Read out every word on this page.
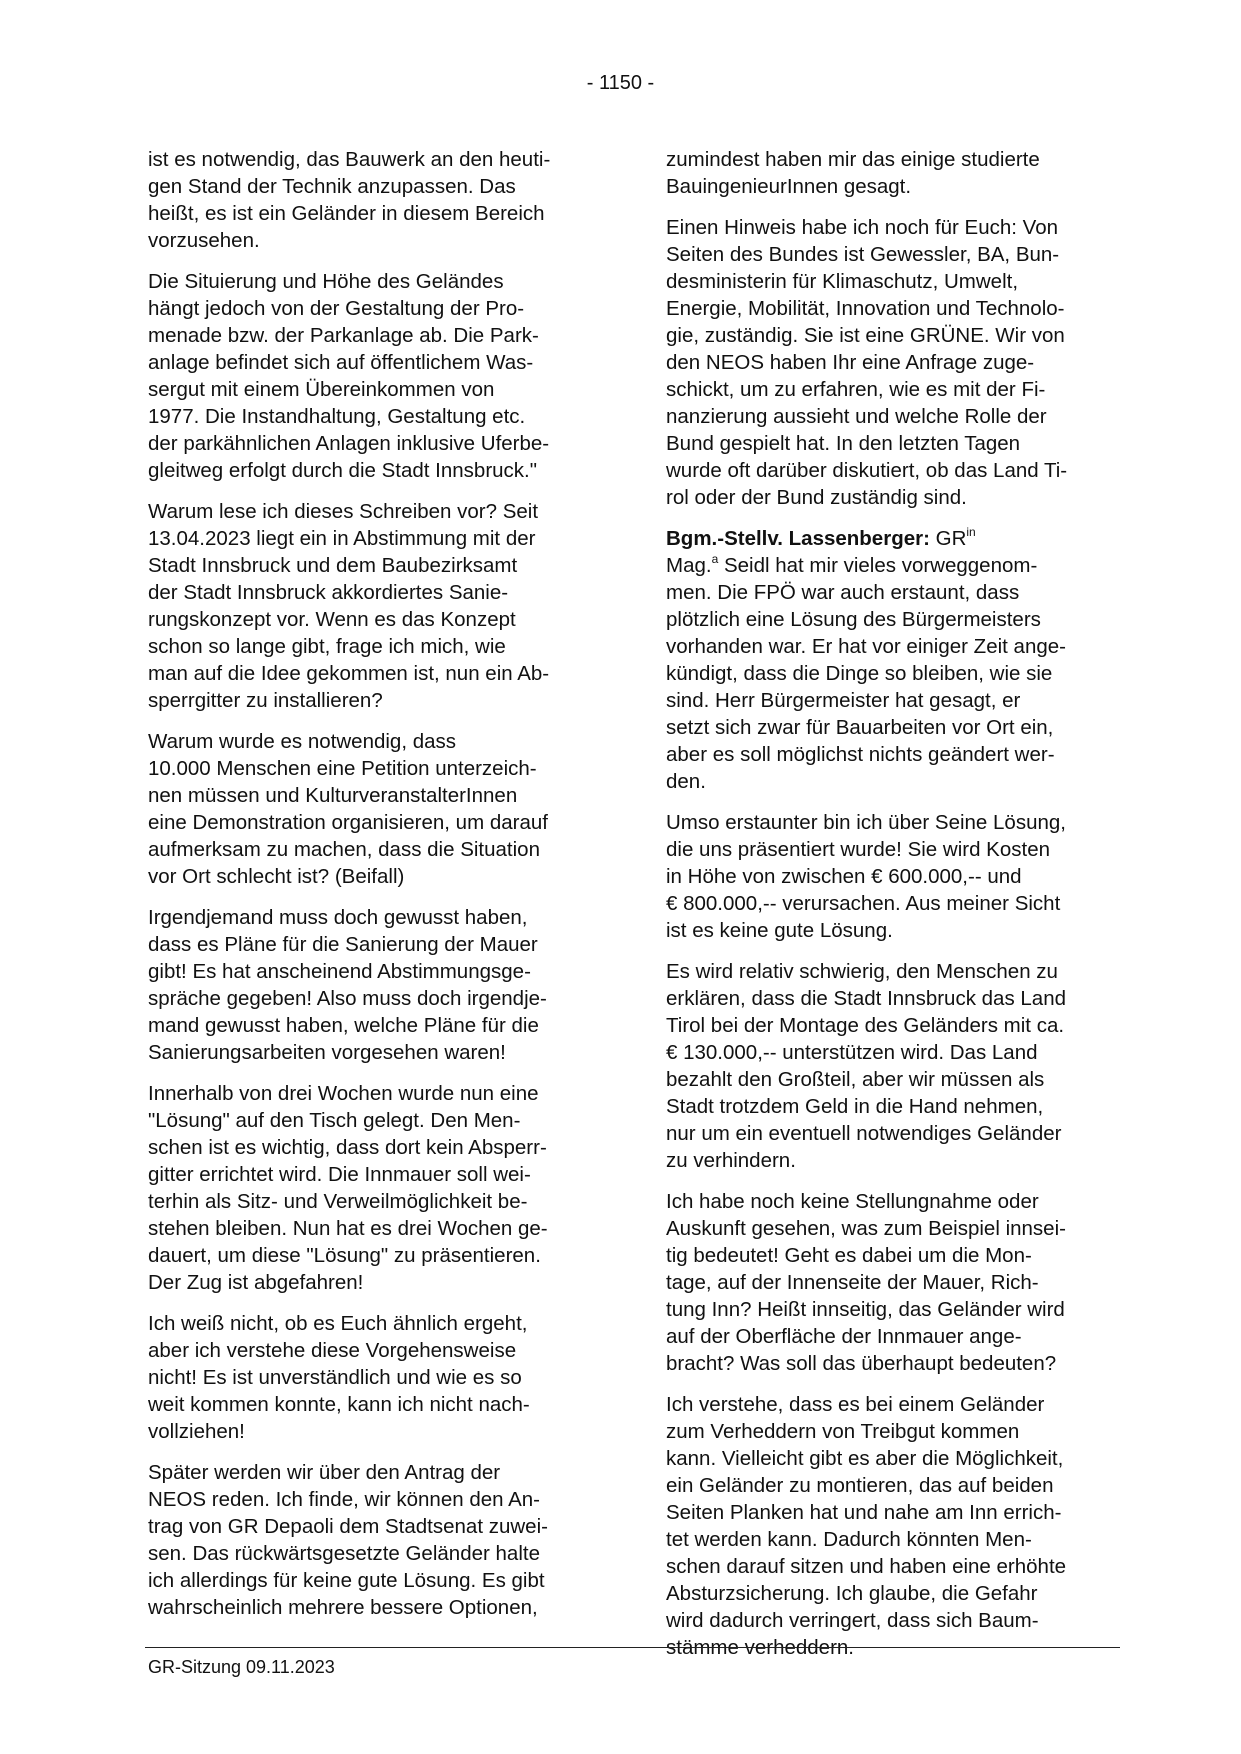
- 1150 -

ist es notwendig, das Bauwerk an den heuti-
gen Stand der Technik anzupassen. Das
heißt, es ist ein Geländer in diesem Bereich
vorzusehen.

Die Situierung und Höhe des Geländes
hängt jedoch von der Gestaltung der Pro-
menade bzw. der Parkanlage ab. Die Park-
anlage befindet sich auf öffentlichem Was-
sergut mit einem Übereinkommen von
1977. Die Instandhaltung, Gestaltung etc.
der parkähnlichen Anlagen inklusive Uferbe-
gleitweg erfolgt durch die Stadt Innsbruck."

Warum lese ich dieses Schreiben vor? Seit
13.04.2023 liegt ein in Abstimmung mit der
Stadt Innsbruck und dem Baubezirksamt
der Stadt Innsbruck akkordiertes Sanie-
rungskonzept vor. Wenn es das Konzept
schon so lange gibt, frage ich mich, wie
man auf die Idee gekommen ist, nun ein Ab-
sperrgitter zu installieren?

Warum wurde es notwendig, dass
10.000 Menschen eine Petition unterzeich-
nen müssen und KulturveranstalterInnen
eine Demonstration organisieren, um darauf
aufmerksam zu machen, dass die Situation
vor Ort schlecht ist? (Beifall)

Irgendjemand muss doch gewusst haben,
dass es Pläne für die Sanierung der Mauer
gibt! Es hat anscheinend Abstimmungsge-
spräche gegeben! Also muss doch irgendje-
mand gewusst haben, welche Pläne für die
Sanierungsarbeiten vorgesehen waren!

Innerhalb von drei Wochen wurde nun eine
"Lösung" auf den Tisch gelegt. Den Men-
schen ist es wichtig, dass dort kein Absperr-
gitter errichtet wird. Die Innmauer soll wei-
terhin als Sitz- und Verweilmöglichkeit be-
stehen bleiben. Nun hat es drei Wochen ge-
dauert, um diese "Lösung" zu präsentieren.
Der Zug ist abgefahren!

Ich weiß nicht, ob es Euch ähnlich ergeht,
aber ich verstehe diese Vorgehensweise
nicht! Es ist unverständlich und wie es so
weit kommen konnte, kann ich nicht nach-
vollziehen!

Später werden wir über den Antrag der
NEOS reden. Ich finde, wir können den An-
trag von GR Depaoli dem Stadtsenat zuwei-
sen. Das rückwärtsgesetzte Geländer halte
ich allerdings für keine gute Lösung. Es gibt
wahrscheinlich mehrere bessere Optionen,

zumindest haben mir das einige studierte
BauingenieurInnen gesagt.

Einen Hinweis habe ich noch für Euch: Von
Seiten des Bundes ist Gewessler, BA, Bun-
desministerin für Klimaschutz, Umwelt,
Energie, Mobilität, Innovation und Technolo-
gie, zuständig. Sie ist eine GRÜNE. Wir von
den NEOS haben Ihr eine Anfrage zuge-
schickt, um zu erfahren, wie es mit der Fi-
nanzierung aussieht und welche Rolle der
Bund gespielt hat. In den letzten Tagen
wurde oft darüber diskutiert, ob das Land Ti-
rol oder der Bund zuständig sind.

Bgm.-Stellv. Lassenberger: $GR^{in}$
Mag.$^a$ Seidl hat mir vieles vorweggenom-
men. Die FPÖ war auch erstaunt, dass
plötzlich eine Lösung des Bürgermeisters
vorhanden war. Er hat vor einiger Zeit ange-
kündigt, dass die Dinge so bleiben, wie sie
sind. Herr Bürgermeister hat gesagt, er
setzt sich zwar für Bauarbeiten vor Ort ein,
aber es soll möglichst nichts geändert wer-
den.

Umso erstaunter bin ich über Seine Lösung,
die uns präsentiert wurde! Sie wird Kosten
in Höhe von zwischen € 600.000,-- und
€ 800.000,-- verursachen. Aus meiner Sicht
ist es keine gute Lösung.

Es wird relativ schwierig, den Menschen zu
erklären, dass die Stadt Innsbruck das Land
Tirol bei der Montage des Geländers mit ca.
€ 130.000,-- unterstützen wird. Das Land
bezahlt den Großteil, aber wir müssen als
Stadt trotzdem Geld in die Hand nehmen,
nur um ein eventuell notwendiges Geländer
zu verhindern.

Ich habe noch keine Stellungnahme oder
Auskunft gesehen, was zum Beispiel innsei-
tig bedeutet! Geht es dabei um die Mon-
tage, auf der Innenseite der Mauer, Rich-
tung Inn? Heißt innseitig, das Geländer wird
auf der Oberfläche der Innmauer ange-
bracht? Was soll das überhaupt bedeuten?

Ich verstehe, dass es bei einem Geländer
zum Verheddern von Treibgut kommen
kann. Vielleicht gibt es aber die Möglichkeit,
ein Geländer zu montieren, das auf beiden
Seiten Planken hat und nahe am Inn errich-
tet werden kann. Dadurch könnten Men-
schen darauf sitzen und haben eine erhöhte
Absturzsicherung. Ich glaube, die Gefahr
wird dadurch verringert, dass sich Baum-
stämme verheddern.

GR-Sitzung 09.11.2023
